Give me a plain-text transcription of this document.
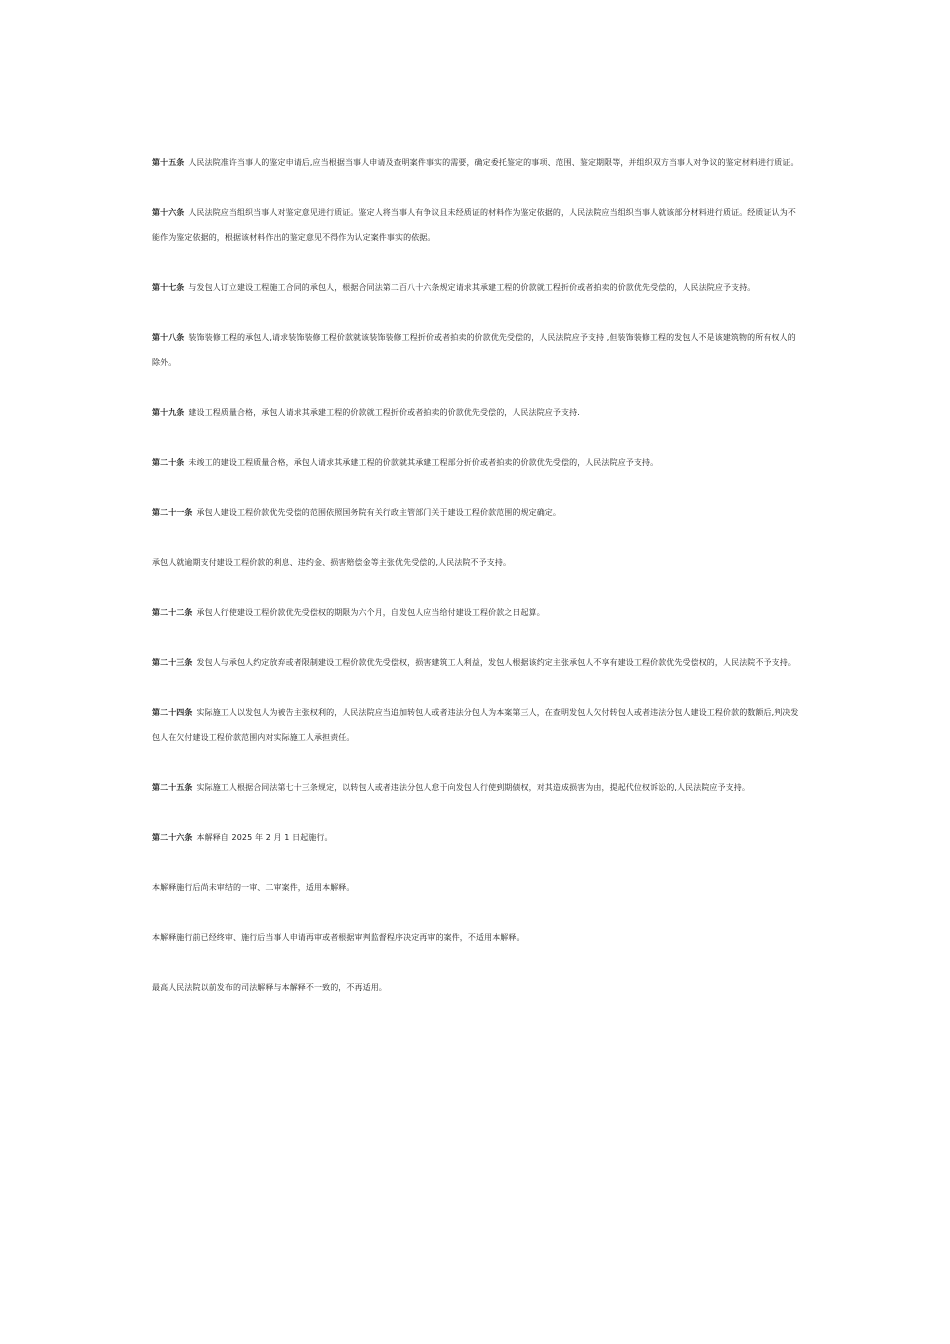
第十五条 人民法院准许当事人的鉴定申请后,应当根据当事人申请及查明案件事实的需要，确定委托鉴定的事项、范围、鉴定期限等，并组织双方当事人对争议的鉴定材料进行质证。

第十六条 人民法院应当组织当事人对鉴定意见进行质证。鉴定人将当事人有争议且未经质证的材料作为鉴定依据的，人民法院应当组织当事人就该部分材料进行质证。经质证认为不能作为鉴定依据的，根据该材料作出的鉴定意见不得作为认定案件事实的依据。

第十七条 与发包人订立建设工程施工合同的承包人，根据合同法第二百八十六条规定请求其承建工程的价款就工程折价或者拍卖的价款优先受偿的，人民法院应予支持。

第十八条 装饰装修工程的承包人,请求装饰装修工程价款就该装饰装修工程折价或者拍卖的价款优先受偿的，人民法院应予支持 ,但装饰装修工程的发包人不是该建筑物的所有权人的除外。

第十九条 建设工程质量合格，承包人请求其承建工程的价款就工程折价或者拍卖的价款优先受偿的，人民法院应予支持.

第二十条 未竣工的建设工程质量合格，承包人请求其承建工程的价款就其承建工程部分折价或者拍卖的价款优先受偿的，人民法院应予支持。

第二十一条 承包人建设工程价款优先受偿的范围依照国务院有关行政主管部门关于建设工程价款范围的规定确定。

承包人就逾期支付建设工程价款的利息、违约金、损害赔偿金等主张优先受偿的,人民法院不予支持。

第二十二条 承包人行使建设工程价款优先受偿权的期限为六个月，自发包人应当给付建设工程价款之日起算。

第二十三条 发包人与承包人约定放弃或者限制建设工程价款优先受偿权，损害建筑工人利益，发包人根据该约定主张承包人不享有建设工程价款优先受偿权的，人民法院不予支持。

第二十四条 实际施工人以发包人为被告主张权利的，人民法院应当追加转包人或者违法分包人为本案第三人，在查明发包人欠付转包人或者违法分包人建设工程价款的数额后,判决发包人在欠付建设工程价款范围内对实际施工人承担责任。

第二十五条 实际施工人根据合同法第七十三条规定，以转包人或者违法分包人怠于向发包人行使到期债权，对其造成损害为由，提起代位权诉讼的,人民法院应予支持。

第二十六条 本解释自 2025 年 2 月 1 日起施行。

本解释施行后尚未审结的一审、二审案件，适用本解释。

本解释施行前已经终审、施行后当事人申请再审或者根据审判监督程序决定再审的案件，不适用本解释。

最高人民法院以前发布的司法解释与本解释不一致的，不再适用。
